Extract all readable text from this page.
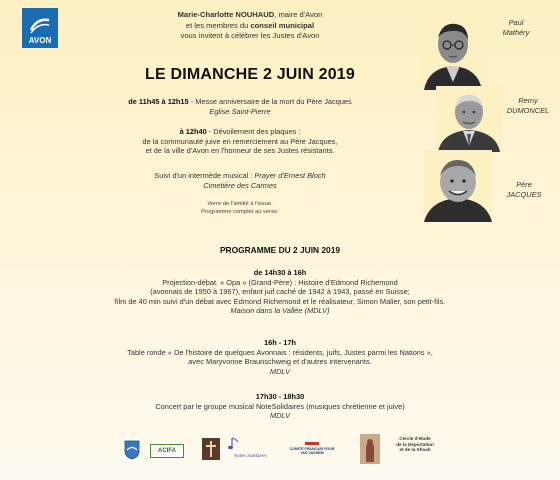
AVON
Marie-Charlotte NOUHAUD, maire d'Avon
et les membres du conseil municipal
vous invitent à célébrer les Justes d'Avon
LE DIMANCHE 2 JUIN 2019
de 11h45 à 12h15 - Messe anniversaire de la mort du Père Jacques
Eglise Saint-Pierre
à 12h40 - Dévoilement des plaques :
de la communauté juive en remerciement au Père Jacques,
et de la ville d'Avon en l'honneur de ses Justes résistants.
Suivi d'un intermède musical : Prayer d'Ernest Bloch
Cimetière des Carmes
Verre de l'amitié à l'issue.
Programme complet au verso.
Paul
Mathéry
Remy
DUMONCEL
Père
JACQUES
PROGRAMME DU 2 JUIN 2019
de 14h30 à 16h
Projection-débat. « Opa » (Grand-Père) : Histoire d'Edmond Richemond
(avonnais de 1950 à 1967), enfant juif caché de 1942 à 1943, passé en Suisse;
film de 40 min suivi d'un débat avec Edmond Richemond et le réalisateur, Simon Malier, son petit-fils.
Maison dans la Vallée (MDLV)
16h - 17h
Table ronde « De l'histoire de quelques Avonnais : résidents, juifs, Justes parmi les Nations »,
avec Maryvonne Braunschweig et d'autres intervenants.
MDLV
17h30 - 18h30
Concert par le groupe musical NoteSolidaires (musiques chrétienne et juive)
MDLV
ACIFA
Notes Solidaires
COMITÉ FRANÇAIS POUR YAD VASHEM
Cercle d'étude
de la Déportation
et de la Shoah
